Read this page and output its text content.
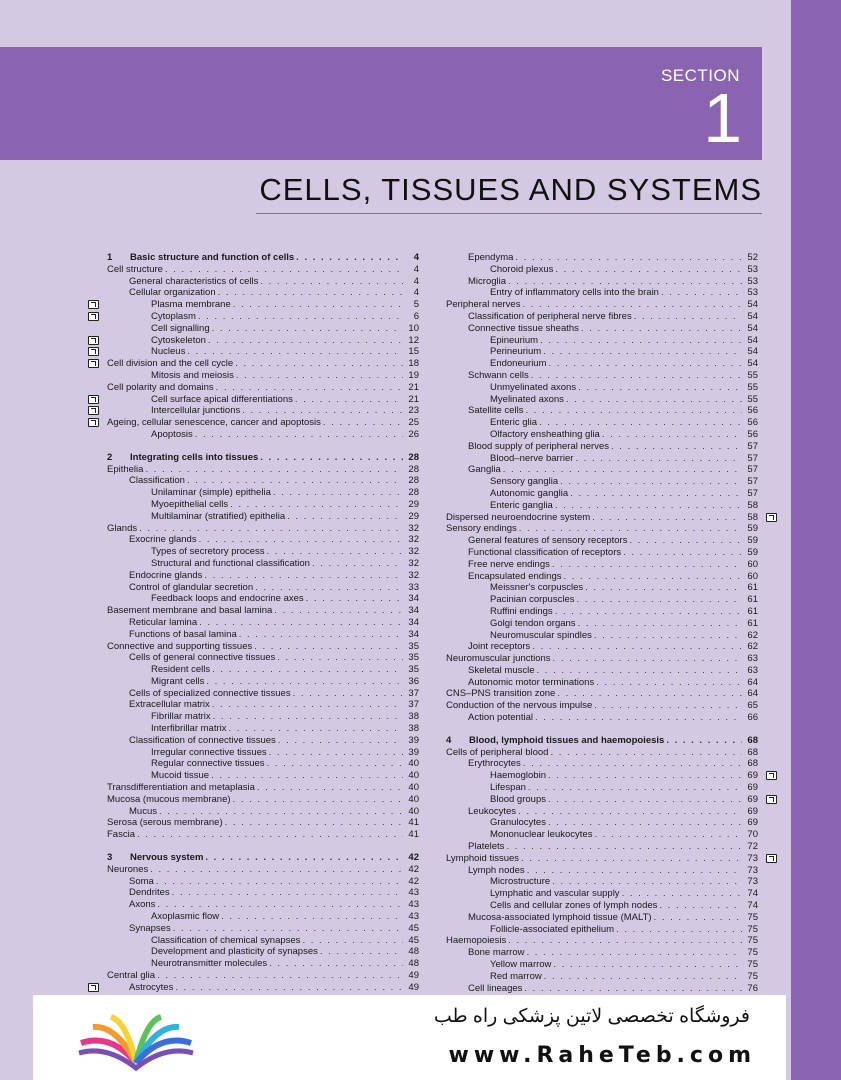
SECTION
1
CELLS, TISSUES AND SYSTEMS
1 Basic structure and function of cells . . .	4
Cell structure . . .	4
General characteristics of cells . . .	4
Cellular organization . . .	4
Plasma membrane . . .	5
Cytoplasm . . .	6
Cell signalling . . .	10
Cytoskeleton . . .	12
Nucleus . . .	15
Cell division and the cell cycle . . .	18
Mitosis and meiosis . . .	19
Cell polarity and domains . . .	21
Cell surface apical differentiations . . .	21
Intercellular junctions . . .	23
Ageing, cellular senescence, cancer and apoptosis . . .	25
Apoptosis . . .	26
2 Integrating cells into tissues . . .	28
Epithelia . . .	28
Classification . . .	28
Unilaminar (simple) epithelia . . .	28
Myoepithelial cells . . .	29
Multilaminar (stratified) epithelia . . .	29
Glands . . .	32
Exocrine glands . . .	32
Types of secretory process . . .	32
Structural and functional classification . . .	32
Endocrine glands . . .	32
Control of glandular secretion . . .	33
Feedback loops and endocrine axes . . .	34
Basement membrane and basal lamina . . .	34
Reticular lamina . . .	34
Functions of basal lamina . . .	34
Connective and supporting tissues . . .	35
Cells of general connective tissues . . .	35
Resident cells . . .	35
Migrant cells . . .	36
Cells of specialized connective tissues . . .	37
Extracellular matrix . . .	37
Fibrillar matrix . . .	38
Interfibrillar matrix . . .	38
Classification of connective tissues . . .	39
Irregular connective tissues . . .	39
Regular connective tissues . . .	40
Mucoid tissue . . .	40
Transdifferentiation and metaplasia . . .	40
Mucosa (mucous membrane) . . .	40
Mucus . . .	40
Serosa (serous membrane) . . .	41
Fascia . . .	41
3 Nervous system . . .	42
Neurones . . .	42
Soma . . .	42
Dendrites . . .	43
Axons . . .	43
Axoplasmic flow . . .	43
Synapses . . .	45
Classification of chemical synapses . . .	45
Development and plasticity of synapses . . .	48
Neurotransmitter molecules . . .	48
Central glia . . .	49
Astrocytes . . .	49
. . .
Ependyma . . .	52
Choroid plexus . . .	53
Microglia . . .	53
Entry of inflammatory cells into the brain . . .	53
Peripheral nerves . . .	54
Classification of peripheral nerve fibres . . .	54
Connective tissue sheaths . . .	54
Epineurium . . .	54
Perineurium . . .	54
Endoneurium . . .	54
Schwann cells . . .	55
Unmyelinated axons . . .	55
Myelinated axons . . .	55
Satellite cells . . .	56
Enteric glia . . .	56
Olfactory ensheathing glia . . .	56
Blood supply of peripheral nerves . . .	57
Blood–nerve barrier . . .	57
Ganglia . . .	57
Sensory ganglia . . .	57
Autonomic ganglia . . .	57
Enteric ganglia . . .	58
Dispersed neuroendocrine system . . .	58
Sensory endings . . .	59
General features of sensory receptors . . .	59
Functional classification of receptors . . .	59
Free nerve endings . . .	60
Encapsulated endings . . .	60
Meissner's corpuscles . . .	61
Pacinian corpuscles . . .	61
Ruffini endings . . .	61
Golgi tendon organs . . .	61
Neuromuscular spindles . . .	62
Joint receptors . . .	62
Neuromuscular junctions . . .	63
Skeletal muscle . . .	63
Autonomic motor terminations . . .	64
CNS–PNS transition zone . . .	64
Conduction of the nervous impulse . . .	65
Action potential . . .	66
4 Blood, lymphoid tissues and haemopoiesis . . .	68
Cells of peripheral blood . . .	68
Erythrocytes . . .	68
Haemoglobin . . .	69
Lifespan . . .	69
Blood groups . . .	69
Leukocytes . . .	69
Granulocytes . . .	69
Mononuclear leukocytes . . .	70
Platelets . . .	72
Lymphoid tissues . . .	73
Lymph nodes . . .	73
Microstructure . . .	73
Lymphatic and vascular supply . . .	74
Cells and cellular zones of lymph nodes . . .	74
Mucosa-associated lymphoid tissue (MALT) . . .	75
Follicle-associated epithelium . . .	75
Haemopoiesis . . .	75
Bone marrow . . .	75
Yellow marrow . . .	75
Red marrow . . .	75
Cell lineages . . .	76
فروشگاه تخصصی لاتین پزشکی راه طب
www.RaheTeb.com
